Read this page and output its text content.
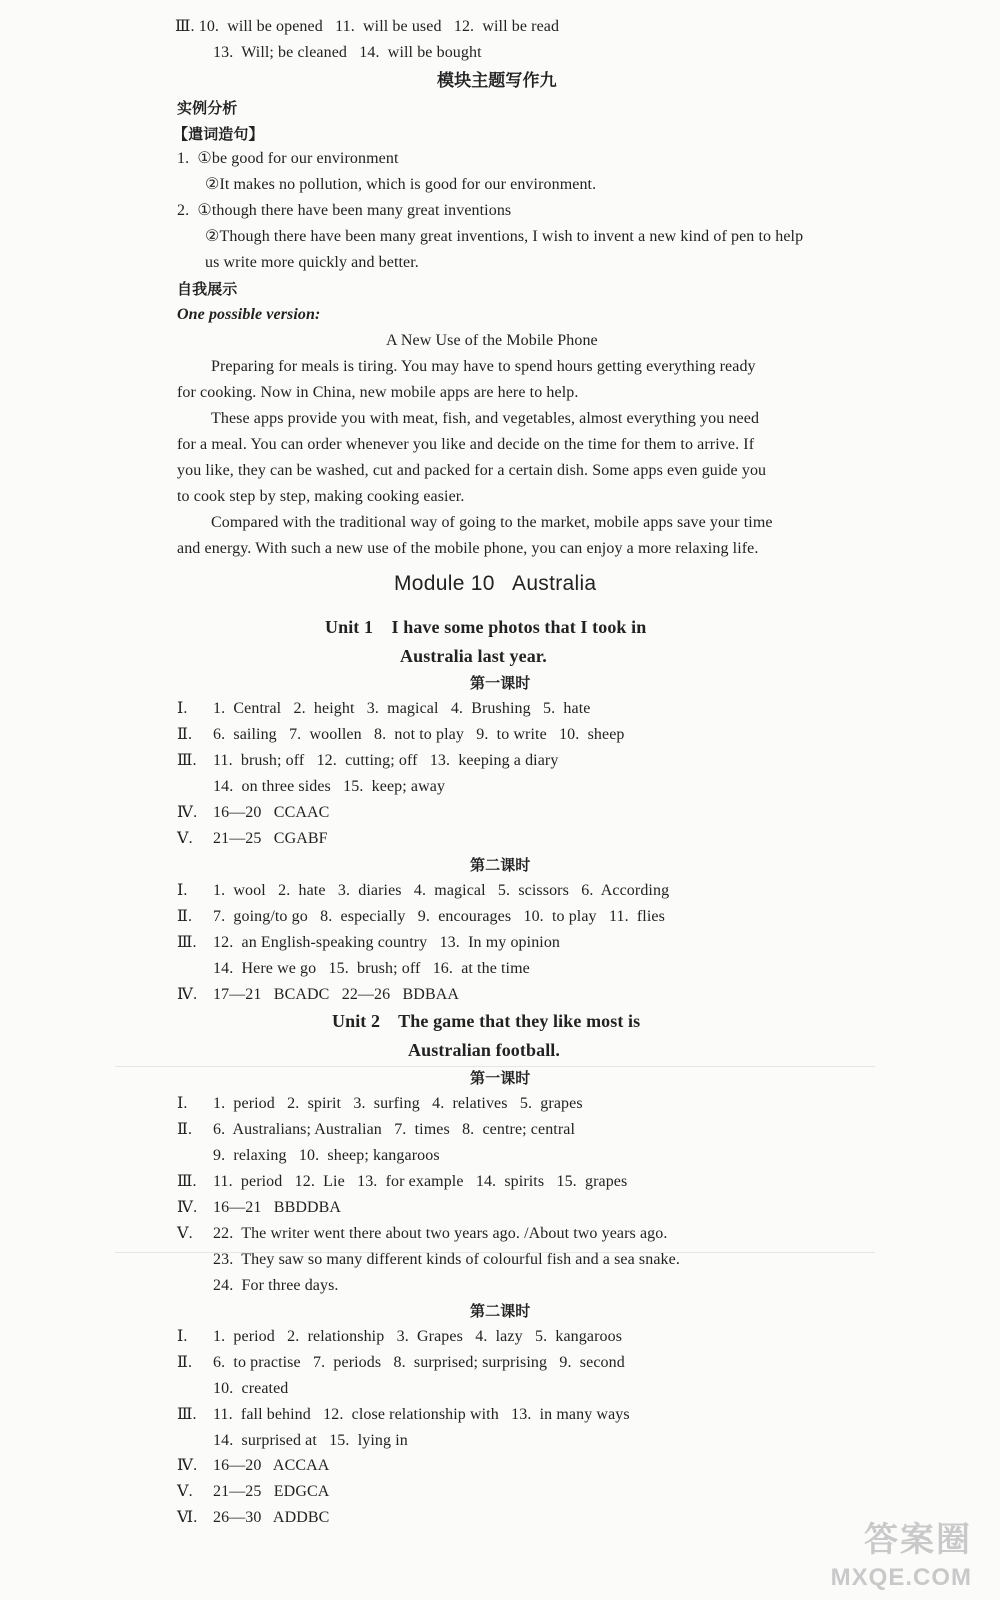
Ⅲ. 10.  will be opened   11.  will be used   12.  will be read
13.  Will; be cleaned   14.  will be bought
模块主题写作九
实例分析
【遣词造句】
1.  ①be good for our environment
②It makes no pollution, which is good for our environment.
2.  ①though there have been many great inventions
②Though there have been many great inventions, I wish to invent a new kind of pen to help
us write more quickly and better.
自我展示
One possible version:
A New Use of the Mobile Phone
Preparing for meals is tiring. You may have to spend hours getting everything ready
for cooking. Now in China, new mobile apps are here to help.
These apps provide you with meat, fish, and vegetables, almost everything you need
for a meal. You can order whenever you like and decide on the time for them to arrive. If
you like, they can be washed, cut and packed for a certain dish. Some apps even guide you
to cook step by step, making cooking easier.
Compared with the traditional way of going to the market, mobile apps save your time
and energy. With such a new use of the mobile phone, you can enjoy a more relaxing life.
Module 10   Australia
Unit 1    I have some photos that I took in
Australia last year.
第一课时
Ⅰ. 1.  Central   2.  height   3.  magical   4.  Brushing   5.  hate
Ⅱ. 6.  sailing   7.  woollen   8.  not to play   9.  to write   10.  sheep
Ⅲ. 11.  brush; off   12.  cutting; off   13.  keeping a diary
14.  on three sides   15.  keep; away
Ⅳ. 16—20   CCAAC
Ⅴ. 21—25   CGABF
第二课时
Ⅰ. 1.  wool   2.  hate   3.  diaries   4.  magical   5.  scissors   6.  According
Ⅱ. 7.  going/to go   8.  especially   9.  encourages   10.  to play   11.  flies
Ⅲ. 12.  an English-speaking country   13.  In my opinion
14.  Here we go   15.  brush; off   16.  at the time
Ⅳ. 17—21   BCADC   22—26   BDBAA
Unit 2    The game that they like most is
Australian football.
第一课时
Ⅰ. 1.  period   2.  spirit   3.  surfing   4.  relatives   5.  grapes
Ⅱ. 6.  Australians; Australian   7.  times   8.  centre; central
9.  relaxing   10.  sheep; kangaroos
Ⅲ. 11.  period   12.  Lie   13.  for example   14.  spirits   15.  grapes
Ⅳ. 16—21   BBDDBA
Ⅴ. 22.  The writer went there about two years ago. /About two years ago.
23.  They saw so many different kinds of colourful fish and a sea snake.
24.  For three days.
第二课时
Ⅰ. 1.  period   2.  relationship   3.  Grapes   4.  lazy   5.  kangaroos
Ⅱ. 6.  to practise   7.  periods   8.  surprised; surprising   9.  second
10.  created
Ⅲ. 11.  fall behind   12.  close relationship with   13.  in many ways
14.  surprised at   15.  lying in
Ⅳ. 16—20   ACCAA
Ⅴ. 21—25   EDGCA
Ⅵ. 26—30   ADDBC
答案圈
MXQE.COM
